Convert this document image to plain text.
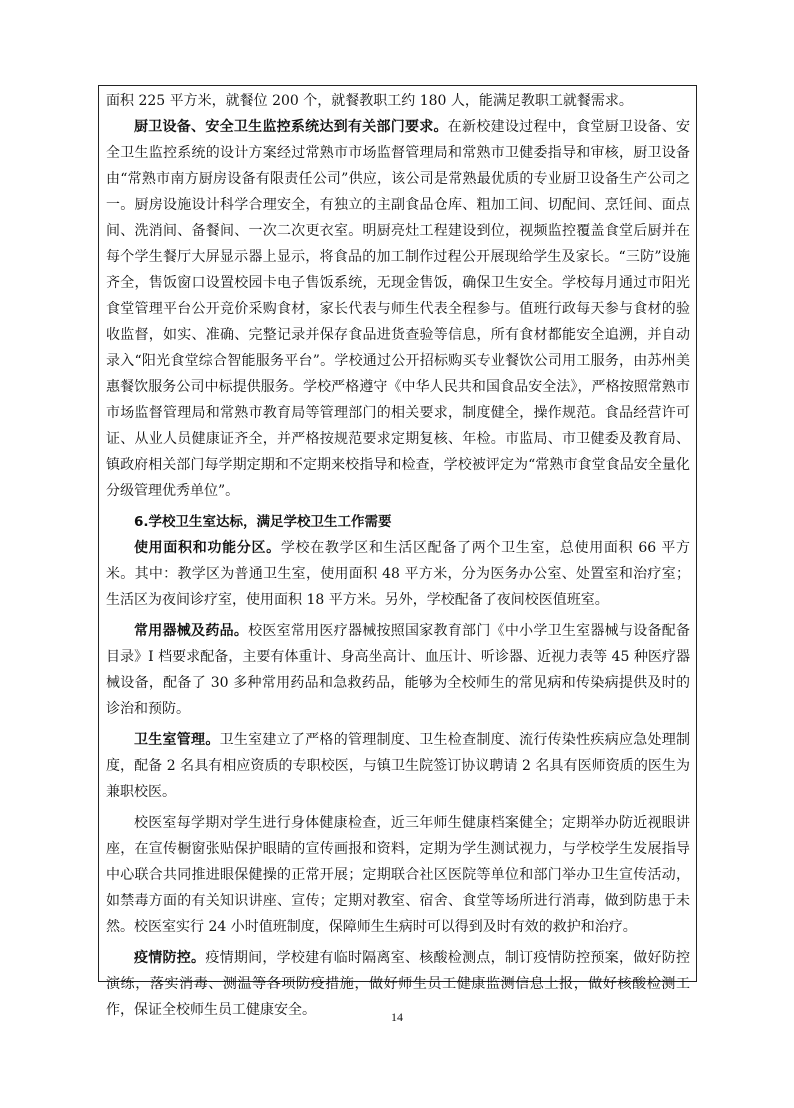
面积 225 平方米，就餐位 200 个，就餐教职工约 180 人，能满足教职工就餐需求。

厨卫设备、安全卫生监控系统达到有关部门要求。在新校建设过程中，食堂厨卫设备、安全卫生监控系统的设计方案经过常熟市市场监督管理局和常熟市卫健委指导和审核，厨卫设备由“常熟市南方厨房设备有限责任公司”供应，该公司是常熟最优质的专业厨卫设备生产公司之一。厨房设施设计科学合理安全，有独立的主副食品仓库、粗加工间、切配间、烹饪间、面点间、洗消间、备餐间、一次二次更衣室。明厨亮灶工程建设到位，视频监控覆盖食堂后厨并在每个学生餐厅大屏显示器上显示，将食品的加工制作过程公开展现给学生及家长。“三防”设施齐全，售饭窗口设置校园卡电子售饭系统，无现金售饭，确保卫生安全。学校每月通过市阳光食堂管理平台公开竞价采购食材，家长代表与师生代表全程参与。值班行政每天参与食材的验收监督，如实、准确、完整记录并保存食品进货查验等信息，所有食材都能安全追溯，并自动录入“阳光食堂综合智能服务平台”。学校通过公开招标购买专业餐饮公司用工服务，由苏州美惠餐饮服务公司中标提供服务。学校严格遵守《中华人民共和国食品安全法》，严格按照常熟市市场监督管理局和常熟市教育局等管理部门的相关要求，制度健全，操作规范。食品经营许可证、从业人员健康证齐全，并严格按规范要求定期复核、年检。市监局、市卫健委及教育局、镇政府相关部门每学期定期和不定期来校指导和检查，学校被评定为“常熟市食堂食品安全量化分级管理优秀单位”。

6.学校卫生室达标，满足学校卫生工作需要

使用面积和功能分区。学校在教学区和生活区配备了两个卫生室，总使用面积 66 平方米。其中：教学区为普通卫生室，使用面积 48 平方米，分为医务办公室、处置室和治疗室；生活区为夜间诊疗室，使用面积 18 平方米。另外，学校配备了夜间校医值班室。

常用器械及药品。校医室常用医疗器械按照国家教育部门《中小学卫生室器械与设备配备目录》I 档要求配备，主要有体重计、身高坐高计、血压计、听诊器、近视力表等 45 种医疗器械设备，配备了 30 多种常用药品和急救药品，能够为全校师生的常见病和传染病提供及时的诊治和预防。

卫生室管理。卫生室建立了严格的管理制度、卫生检查制度、流行传染性疾病应急处理制度，配备 2 名具有相应资质的专职校医，与镇卫生院签订协议聘请 2 名具有医师资质的医生为兼职校医。

校医室每学期对学生进行身体健康检查，近三年师生健康档案健全；定期举办防近视眼讲座，在宣传橱窗张贴保护眼睛的宣传画报和资料，定期为学生测试视力，与学校学生发展指导中心联合共同推进眼保健操的正常开展；定期联合社区医院等单位和部门举办卫生宣传活动，如禁毒方面的有关知识讲座、宣传；定期对教室、宿舍、食堂等场所进行消毒，做到防患于未然。校医室实行 24 小时值班制度，保障师生生病时可以得到及时有效的救护和治疗。

疫情防控。疫情期间，学校建有临时隔离室、核酸检测点，制订疫情防控预案，做好防控演练，落实消毒、测温等各项防疫措施，做好师生员工健康监测信息上报，做好核酸检测工作，保证全校师生员工健康安全。	14
